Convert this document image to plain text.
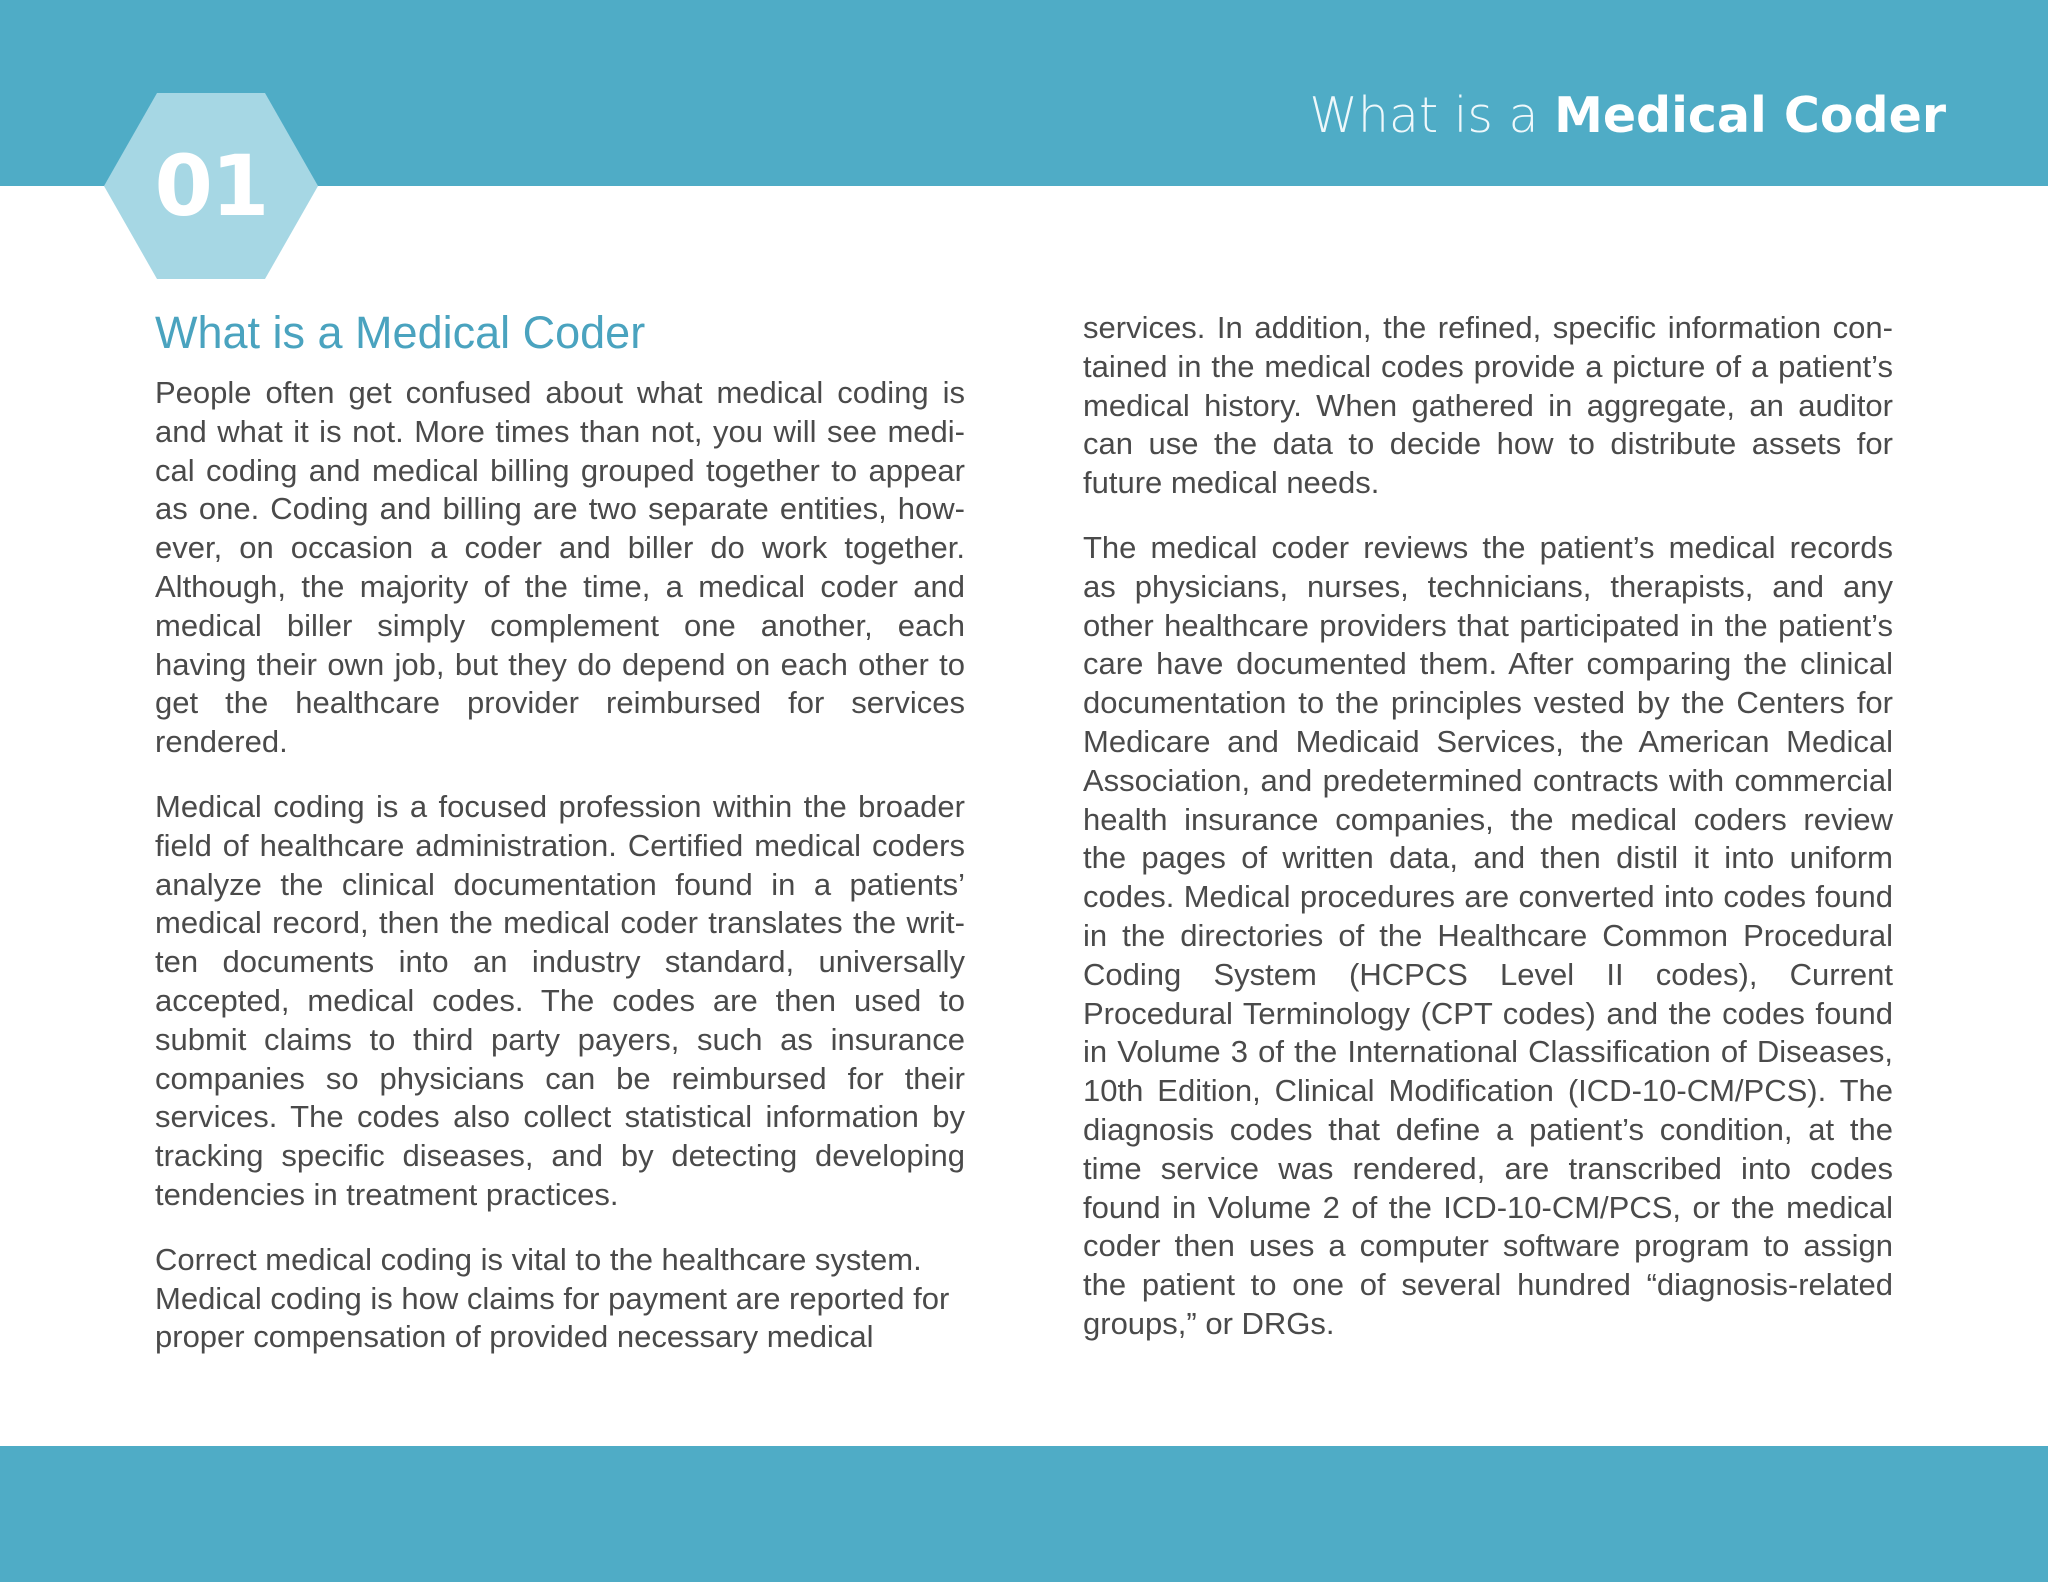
What is a Medical Coder
01
What is a Medical Coder

People often get confused about what medical coding is and what it is not. More times than not, you will see medical coding and medical billing grouped together to appear as one. Coding and billing are two separate entities, however, on occasion a coder and biller do work together. Although, the majority of the time, a medical coder and medical biller simply complement one another, each having their own job, but they do depend on each other to get the healthcare provider reimbursed for services rendered.

Medical coding is a focused profession within the broader field of healthcare administration. Certified medical coders analyze the clinical documentation found in a patients’ medical record, then the medical coder translates the written documents into an industry standard, universally accepted, medical codes. The codes are then used to submit claims to third party payers, such as insurance companies so physicians can be reimbursed for their services. The codes also collect statistical information by tracking specific diseases, and by detecting developing tendencies in treatment practices.

Correct medical coding is vital to the healthcare system. Medical coding is how claims for payment are reported for proper compensation of provided necessary medical

services. In addition, the refined, specific information contained in the medical codes provide a picture of a patient’s medical history. When gathered in aggregate, an auditor can use the data to decide how to distribute assets for future medical needs.

The medical coder reviews the patient’s medical records as physicians, nurses, technicians, therapists, and any other healthcare providers that participated in the patient’s care have documented them. After comparing the clinical documentation to the principles vested by the Centers for Medicare and Medicaid Services, the American Medical Association, and predetermined contracts with commercial health insurance companies, the medical coders review the pages of written data, and then distil it into uniform codes. Medical procedures are converted into codes found in the directories of the Healthcare Common Procedural Coding System (HCPCS Level II codes), Current Procedural Terminology (CPT codes) and the codes found in Volume 3 of the International Classification of Diseases, 10th Edition, Clinical Modification (ICD-10-CM/PCS). The diagnosis codes that define a patient’s condition, at the time service was rendered, are transcribed into codes found in Volume 2 of the ICD-10-CM/PCS, or the medical coder then uses a computer software program to assign the patient to one of several hundred “diagnosis-related groups,” or DRGs.
